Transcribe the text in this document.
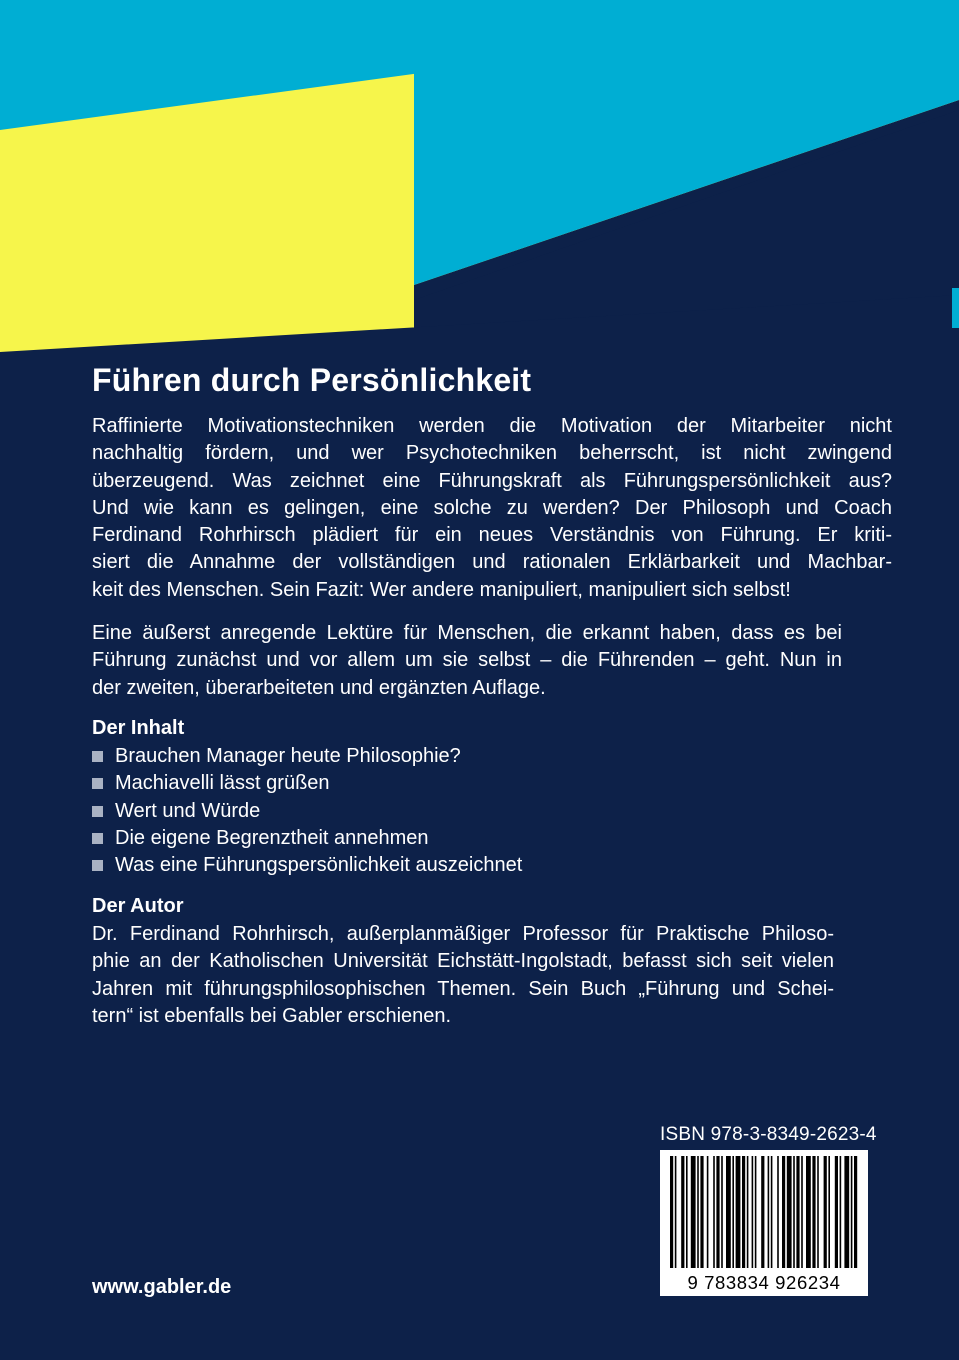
Führen durch Persönlichkeit
Raffinierte Motivationstechniken werden die Motivation der Mitarbeiter nicht
nachhaltig fördern, und wer Psychotechniken beherrscht, ist nicht zwingend
überzeugend. Was zeichnet eine Führungskraft als Führungspersönlichkeit aus?
Und wie kann es gelingen, eine solche zu werden? Der Philosoph und Coach
Ferdinand Rohrhirsch plädiert für ein neues Verständnis von Führung. Er kriti-
siert die Annahme der vollständigen und rationalen Erklärbarkeit und Machbar-
keit des Menschen. Sein Fazit: Wer andere manipuliert, manipuliert sich selbst!
Eine äußerst anregende Lektüre für Menschen, die erkannt haben, dass es bei
Führung zunächst und vor allem um sie selbst – die Führenden – geht. Nun in
der zweiten, überarbeiteten und ergänzten Auflage.
Der Inhalt
Brauchen Manager heute Philosophie?
Machiavelli lässt grüßen
Wert und Würde
Die eigene Begrenztheit annehmen
Was eine Führungspersönlichkeit auszeichnet
Der Autor
Dr. Ferdinand Rohrhirsch, außerplanmäßiger Professor für Praktische Philoso-
phie an der Katholischen Universität Eichstätt-Ingolstadt, befasst sich seit vielen
Jahren mit führungsphilosophischen Themen. Sein Buch „Führung und Schei-
tern“ ist ebenfalls bei Gabler erschienen.
ISBN 978-3-8349-2623-4
9 783834 926234
www.gabler.de
